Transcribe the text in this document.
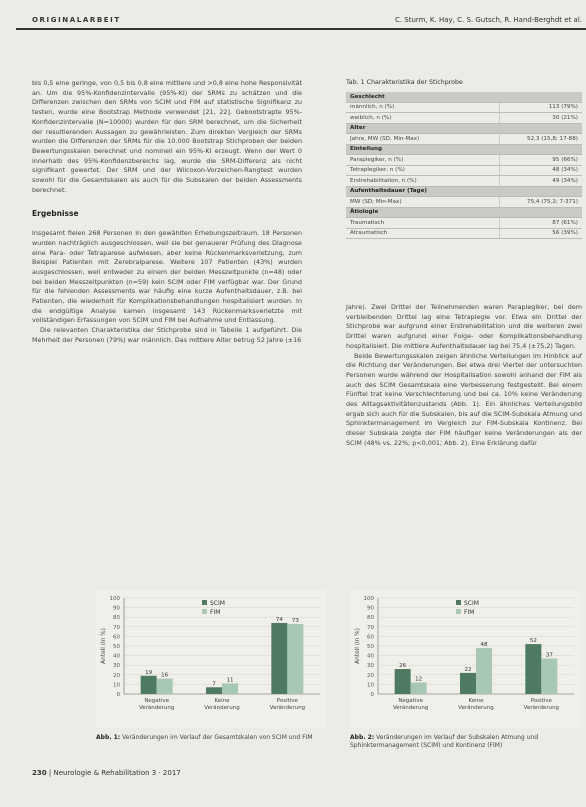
ORIGINALARBEIT	C. Sturm, K. Hay, C. S. Gutsch, R. Hand-Berghdt et al.

bis 0,5 eine geringe, von 0,5 bis 0,8 eine mittlere und >0,8 eine hohe Responsivität an. Um die 95%-Konfidenzintervalle (95%-KI) der SRMs zu schätzen und die Differenzen zwischen den SRMs von SCIM und FIM auf statistische Signifikanz zu testen, wurde eine Bootstrap Methode verwendet [21, 22]. Gebootstrapte 95%-Konfidenzintervalle (N=10000) wurden für den SRM berechnet, um die Sicherheit der resultierenden Aussagen zu gewährleisten. Zum direkten Vergleich der SRMs wurden die Differenzen der SRMs für die 10.000 Bootstrap Stichproben der beiden Bewertungsskalen berechnet und nominell ein 95%-KI erzeugt. Wenn der Wert 0 innerhalb des 95%-Konfidenzbereichs lag, wurde die SRM-Differenz als nicht signifikant gewertet. Der SRM und der Wilcoxon-Vorzeichen-Rangtest wurden sowohl für die Gesamtskalen als auch für die Subskalen der beiden Assessments berechnet.

Ergebnisse

Insgesamt fielen 268 Personen in den gewählten Erhebungszeitraum. 18 Personen wurden nachträglich ausgeschlossen, weil sie bei genauerer Prüfung des Diagnose eine Para- oder Tetraparese aufwiesen, aber keine Rückenmarksverletzung, zum Beispiel Patienten mit Zerebralparese. Weitere 107 Patienten (43%) wurden ausgeschlossen, weil entweder zu einem der beiden Messzeitpunkte (n=48) oder bei beiden Messzeitpunkten (n=59) kein SCIM oder FIM verfügbar war. Der Grund für die fehlenden Assessments war häufig eine kurze Aufenthaltsdauer, z.B. bei Patienten, die wiederholt für Komplikationsbehandlungen hospitalisiert wurden. In die endgültige Analyse kamen insgesamt 143 Rückenmarksverletzte mit vollständigen Erfassungen von SCIM und FIM bei Aufnahme und Entlassung.

Die relevanten Charakteristika der Stichprobe sind in Tabelle 1 aufgeführt. Die Mehrheit der Personen (79%) war männlich. Das mittlere Alter betrug 52 Jahre (±16

Tab. 1 Charakteristika der Stichprobe
Geschlecht	
männlich, n (%)	113 (79%)
weiblich, n (%)	30 (21%)
Alter	
Jahre, MW (SD, Min-Max)	52,3 (15,8; 17-88)
Einteilung	
Paraplegiker, n (%)	95 (66%)
Tetraplegiker, n (%)	48 (34%)
Erstrehabilitation, n (%)	49 (34%)
Aufenthaltsdauer (Tage)	
MW (SD; Min-Max)	75,4 (75,2; 7-371)
Ätiologie	
Traumatisch	87 (61%)
Atraumatisch	56 (39%)

Jahre). Zwei Drittel der Teilnehmenden waren Paraplegiker, bei dem verbleibenden Drittel lag eine Tetraplegie vor. Etwa ein Drittel der Stichprobe war aufgrund einer Erstrehabilitation und die weiteren zwei Drittel waren aufgrund einer Folge- oder Komplikationsbehandlung hospitalisiert. Die mittlere Aufenthaltsdauer lag bei 75,4 (±75,2) Tagen.

Beide Bewertungsskalen zeigen ähnliche Verteilungen im Hinblick auf die Richtung der Veränderungen. Bei etwa drei Viertel der untersuchten Personen wurde während der Hospitalisation sowohl anhand der FIM als auch des SCIM Gesamtskala eine Verbesserung festgestellt. Bei einem Fünftel trat keine Verschlechterung und bei ca. 10% keine Veränderung des Alltagsaktivitätenzustands (Abb. 1). Ein ähnliches Verteilungsbild ergab sich auch für die Subskalen, bis auf die SCIM-Subskala Atmung und Sphinktermanagement im Vergleich zur FIM-Subskala Kontinenz. Bei dieser Subskala zeigte der FIM häufiger keine Veränderungen als der SCIM (48% vs. 22%; p<0,001; Abb. 2). Eine Erklärung dafür

0
10
20
30
40
50
60
70
80
90
100
Anteil (in %)
19 16
Negative
Veränderung
7
11
Keine
Veränderung
74 73
Positive
Veränderung
SCIM
FIM
Abb. 1: Veränderungen im Verlauf der Gesamtskalen von SCIM und FIM
0
10
20
30
40
50
60
70
80
90
100
Anteil (in %)
26
12
Negative
Veränderung
22
48
Keine
Veränderung
52
37
Positive
Veränderung
SCIM
FIM
Abb. 2: Veränderungen im Verlauf der Subskalen Atmung und Sphinktermanagement (SCIM) und Kontinenz (FIM)
230 | Neurologie & Rehabilitation 3 · 2017
